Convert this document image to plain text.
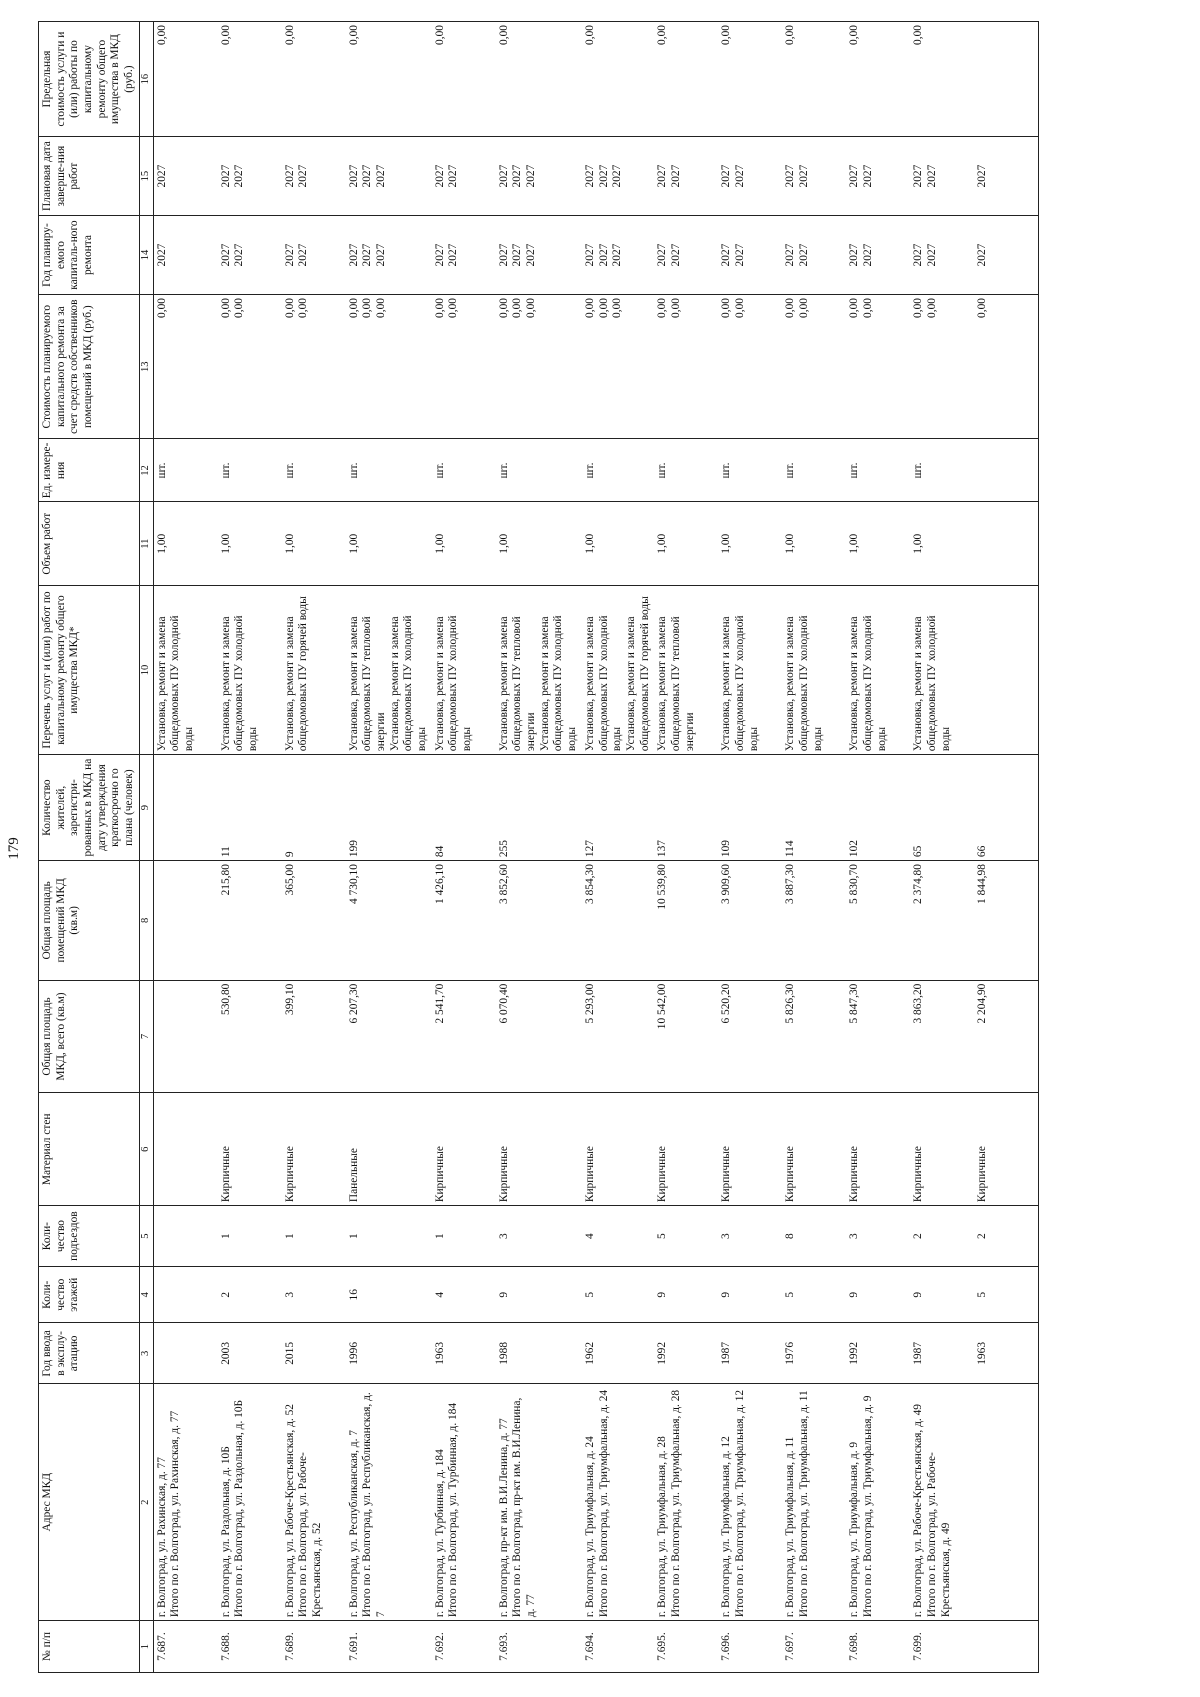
179
№ п/п	Адрес МКД	Год ввода в эксплу-атацию	Коли-чество этажей	Коли-чество подъездов	Материал стен	Общая площадь МКД, всего (кв.м)	Общая площадь помещений МКД (кв.м)	Количество жителей, зарегистри-рованных в МКД на дату утверждения краткосрочно го плана (человек)	Перечень услуг и (или) работ по капитальному ремонту общего имущества МКД*	Объем работ	Ед. измере-ния	Стоимость планируемого капитального ремонта за счет средств собственников помещений в МКД (руб.)	Год планиру-емого капиталь-ного ремонта	Плановая дата заверше-ния работ	Предельная стоимость услуги и (или) работы по капитальному ремонту общего имущества в МКД (руб.)
1	2	3	4	5	6	7	8	9	10	11	12	13	14	15	16
7.687.	г. Волгоград, ул. Рахинская, д. 77 Итого по г. Волгоград, ул. Рахинская, д. 77								Установка, ремонт и замена общедомовых ПУ холодной воды	1,00	шт.	0,00	2027	2027	0,00
7.688.	г. Волгоград, ул. Раздольная, д. 10Б Итого по г. Волгоград, ул. Раздольная, д. 10Б	2003	2	1	Кирпичные	530,80	215,80	11	Установка, ремонт и замена общедомовых ПУ холодной воды	1,00	шт.	0,00 0,00	2027 2027	2027 2027	0,00
7.689.	г. Волгоград, ул. Рабоче-Крестьянская, д. 52 Итого по г. Волгоград, ул. Рабоче-Крестьянская, д. 52	2015	3	1	Кирпичные	399,10	365,00	9	Установка, ремонт и замена общедомовых ПУ горячей воды	1,00	шт.	0,00 0,00	2027 2027	2027 2027	0,00
7.691.	г. Волгоград, ул. Республиканская, д. 7 Итого по г. Волгоград, ул. Республиканская, д. 7	1996	16	1	Панельные	6 207,30	4 730,10	199	Установка, ремонт и замена общедомовых ПУ тепловой энергии Установка, ремонт и замена общедомовых ПУ холодной воды	1,00	шт.	0,00 0,00 0,00	2027 2027 2027	2027 2027 2027	0,00
7.692.	г. Волгоград, ул. Турбинная, д. 184 Итого по г. Волгоград, ул. Турбинная, д. 184	1963	4	1	Кирпичные	2 541,70	1 426,10	84	Установка, ремонт и замена общедомовых ПУ холодной воды	1,00	шт.	0,00 0,00	2027 2027	2027 2027	0,00
7.693.	г. Волгоград, пр-кт им. В.И.Ленина, д. 77 Итого по г. Волгоград, пр-кт им. В.И.Ленина, д. 77	1988	9	3	Кирпичные	6 070,40	3 852,60	255	Установка, ремонт и замена общедомовых ПУ тепловой энергии Установка, ремонт и замена общедомовых ПУ холодной воды	1,00	шт.	0,00 0,00 0,00	2027 2027 2027	2027 2027 2027	0,00
7.694.	г. Волгоград, ул. Триумфальная, д. 24 Итого по г. Волгоград, ул. Триумфальная, д. 24	1962	5	4	Кирпичные	5 293,00	3 854,30	127	Установка, ремонт и замена общедомовых ПУ холодной воды Установка, ремонт и замена общедомовых ПУ горячей воды	1,00	шт.	0,00 0,00 0,00	2027 2027 2027	2027 2027 2027	0,00
7.695.	г. Волгоград, ул. Триумфальная, д. 28 Итого по г. Волгоград, ул. Триумфальная, д. 28	1992	9	5	Кирпичные	10 542,00	10 539,80	137	Установка, ремонт и замена общедомовых ПУ тепловой энергии	1,00	шт.	0,00 0,00	2027 2027	2027 2027	0,00
7.696.	г. Волгоград, ул. Триумфальная, д. 12 Итого по г. Волгоград, ул. Триумфальная, д. 12	1987	9	3	Кирпичные	6 520,20	3 909,60	109	Установка, ремонт и замена общедомовых ПУ холодной воды	1,00	шт.	0,00 0,00	2027 2027	2027 2027	0,00
7.697.	г. Волгоград, ул. Триумфальная, д. 11 Итого по г. Волгоград, ул. Триумфальная, д. 11	1976	5	8	Кирпичные	5 826,30	3 887,30	114	Установка, ремонт и замена общедомовых ПУ холодной воды	1,00	шт.	0,00 0,00	2027 2027	2027 2027	0,00
7.698.	г. Волгоград, ул. Триумфальная, д. 9 Итого по г. Волгоград, ул. Триумфальная, д. 9	1992	9	3	Кирпичные	5 847,30	5 830,70	102	Установка, ремонт и замена общедомовых ПУ холодной воды	1,00	шт.	0,00 0,00	2027 2027	2027 2027	0,00
7.699.	г. Волгоград, ул. Рабоче-Крестьянская, д. 49 Итого по г. Волгоград, ул. Рабоче-Крестьянская, д. 49	1987	9	2	Кирпичные	3 863,20	2 374,80	65	Установка, ремонт и замена общедомовых ПУ холодной воды	1,00	шт.	0,00 0,00	2027 2027	2027 2027	0,00
		1963	5	2	Кирпичные	2 204,90	1 844,98	66				0,00	2027	2027	
